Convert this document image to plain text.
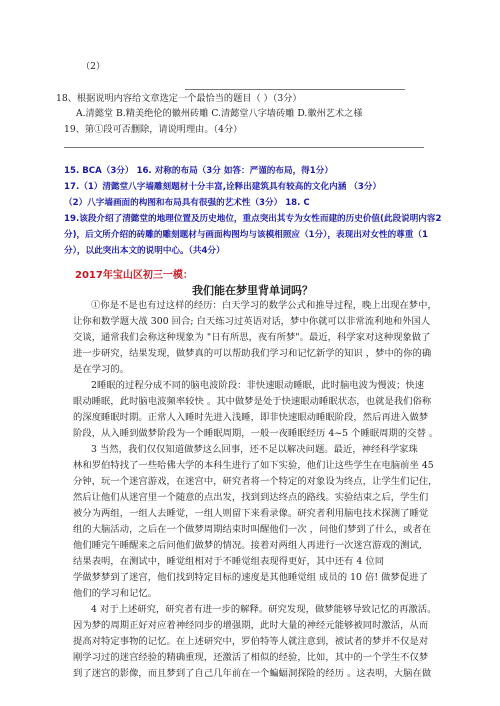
（2）
18、根据说明内容给文章选定一个最恰当的题目（ ）（3分）
A.清懿堂 B.精美绝伦的徽州砖雕 C.清懿堂八字墙砖雕 D.徽州艺术之様
19、第①段可否删除，请说明理由。（4分）
15. BCA（3分） 16. 对称的布局（3分 如答：严谨的布局，得1分）
17.（1）清懿堂八字墙雕刻题材十分丰富,诠释出建筑具有较高的文化内涵 （3分）
（2）八字墙画面的构图和布局具有很强的艺术性（3分） 18. C
19.该段介绍了清懿堂的地理位置及历史地位，重点突出其专为女性而建的历史价值(此段说明内容2
分)，后文所介绍的砖雕的雕刻题材与画面构图均与该模相照应（1分），表现出对女性的尊重（1
分），以此突出本文的说明中心。（共4分）
2017年宝山区初三一模：
我们能在梦里背单词吗？
①你是不是也有过这样的经历：白天学习的数学公式和推导过程，晚上出现在梦中，
让你和数学题大战 300 回合; 白天练习过英语对话，梦中你就可以非常流利地和外国人
交谈，通常我们会称这种现象为 "日有所思，夜有所梦"。最近，科学家对这种现象做了
进一步研究，结果发现，做梦真的可以帮助我们学习和记忆新学的知识 ，梦中的你的确
是在学习的。
2睡眠的过程分成不同的脑电波阶段：非快速眼动睡眠，此时脑电波为慢波；快速
眼动睡眠，此时脑电波频率较快 。其中做梦是处于快速眼动睡眠状态，也就是我们俗称
的深度睡眠时期。正常人入睡时先进入浅睡，即非快速眼动睡眠阶段，然后再进入做梦
阶段，从入睡到做梦阶段为一个睡眠周期，一般一夜睡眠经历 4~5 个睡眠周期的交替 。
3 当然，我们仅仅知道做梦这么回事，还不足以解决问题。最近，神经科学家珠
林和罗伯特找了一些哈佛大学的本科生进行了如下实验，他们让这些学生在电脑前坐 45
分钟，玩一个迷宫游戏，在迷宫中，研究者将一个特定的对象设为终点，让学生们记住，
然后让他们从迷宫里一个随意的点出发，找到到达终点的路线。实验结束之后，学生们
被分为两组，一组人去睡觉，一组人则留下来看录像。研究者利用脑电技术探测了睡觉
组的大脑活动，之后在一个做梦周期结束时叫醒他们一次 ，问他们梦到了什么，或者在
他们睡完午睡醒来之后问他们做梦的情况。接着对两组人再进行一次迷宫游戏的测试,
结果表明，在测试中，睡觉组相对于不睡觉组表现得更好，其中还有 4 位同
学做梦梦到了迷宫，他们找到特定目标的速度是其他睡觉组 成员的 10 倍! 做梦促进了
他们的学习和记忆。
4 对于上述研究，研究者有进一步的解释。研究发现，做梦能够导致记忆的再激活。
因为梦的周期正好对应着神经同步的增强期，此时大量的神经元能够被同时激活，从而
提高对特定事物的记忆。在上述研究中，罗伯特等人就注意到，被试者的梦并不仅是对
刚学习过的迷宫经验的精确重现，还激活了相似的经验，比如，其中的一个学生不仅梦
到了迷宫的影像，而且梦到了自己几年前在一个蝙蝠洞探险的经历 。这表明，大脑在做
